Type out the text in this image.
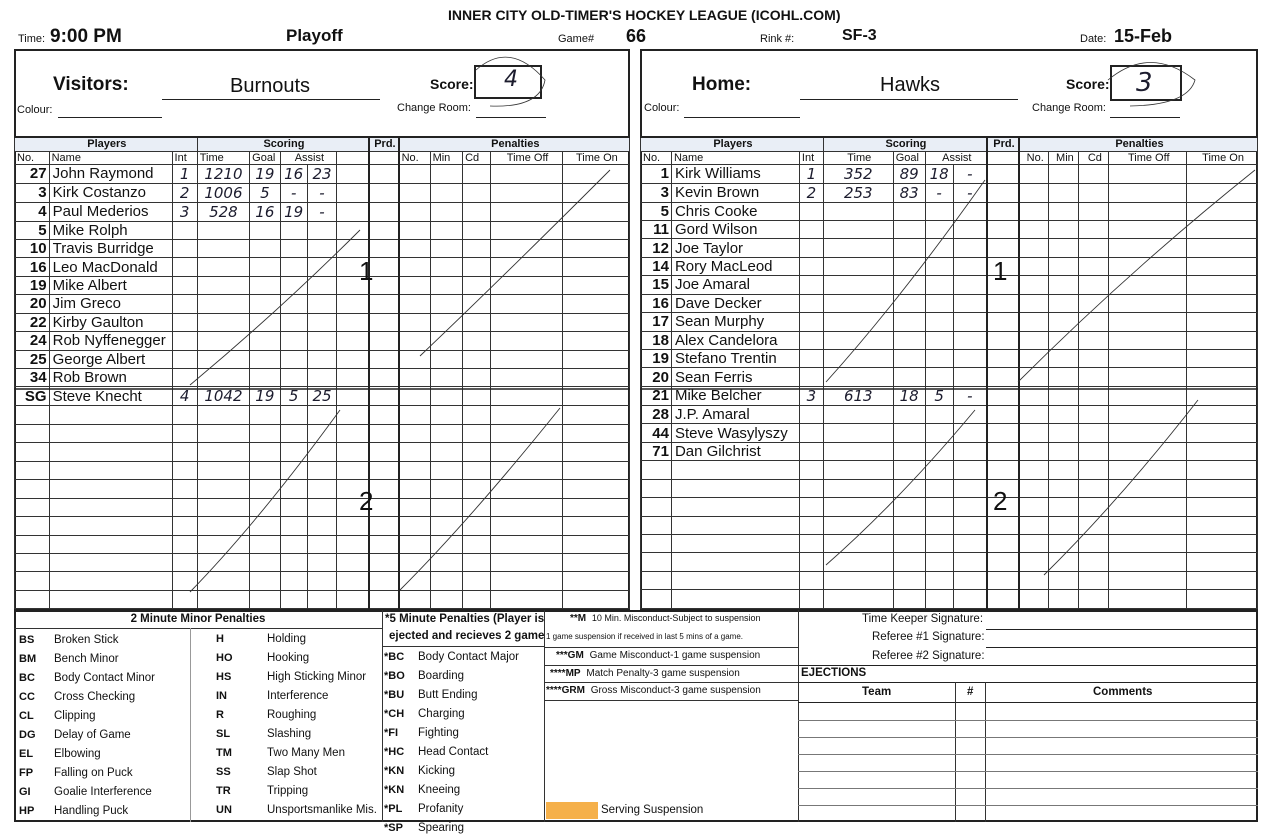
INNER CITY OLD-TIMER'S HOCKEY LEAGUE (ICOHL.COM)
Time: 9:00 PM	Playoff	Game# 66	Rink #:	SF-3	Date: 15-Feb
Visitors:	Burnouts	Score: 4
Colour:	Change Room:
Players			Scoring					Prd.	Penalties				
No.	Name	Int	Time	Goal	Assist				No.	Min	Cd	Time Off	Time On
27	John Raymond	1	1210	19	16	23							
3	Kirk Costanzo	2	1006	5	-	-							
4	Paul Mederios	3	528	16	19	-							
5	Mike Rolph												
10	Travis Burridge												
16	Leo MacDonald												
19	Mike Albert												
20	Jim Greco												
22	Kirby Gaulton												
24	Rob Nyffenegger												
25	George Albert												
34	Rob Brown												
SG	Steve Knecht	4	1042	19	5	25							

1
2
Home:	Hawks	Score: 3
Colour:	Change Room:
Players			Scoring				Prd.	Penalties				
No.	Name	Int	Time	Goal	Assist			No.	Min	Cd	Time Off	Time On
1	Kirk Williams	1	352	89	18	-						
3	Kevin Brown	2	253	83	-	-						
5	Chris Cooke											
11	Gord Wilson											
12	Joe Taylor											
14	Rory MacLeod											
15	Joe Amaral											
16	Dave Decker											
17	Sean Murphy											
18	Alex Candelora											
19	Stefano Trentin											
20	Sean Ferris											
21	Mike Belcher	3	613	18	5	-						
28	J.P. Amaral											
44	Steve Wasylyszy											
71	Dan Gilchrist											

1
2
2 Minute Minor Penalties
BS	Broken Stick
BM	Bench Minor
BC	Body Contact Minor
CC	Cross Checking
CL	Clipping
DG	Delay of Game
EL	Elbowing
FP	Falling on Puck
GI	Goalie Interference
HP	Handling Puck
H	Holding
HO	Hooking
HS	High Sticking Minor
IN	Interference
R	Roughing
SL	Slashing
TM	Two Many Men
SS	Slap Shot
TR	Tripping
UN	Unsportsmanlike Mis.
*5 Minute Penalties (Player is
ejected and recieves 2 game
*BC	Body Contact Major
*BO	Boarding
*BU	Butt Ending
*CH	Charging
*FI	Fighting
*HC	Head Contact
*KN	Kicking
*KN	Kneeing
*PL	Profanity
*SP	Spearing
**M 10 Min. Misconduct-Subject to suspension
1 game suspension if received in last 5 mins of a game.
***GM Game Misconduct-1 game suspension
****MP Match Penalty-3 game suspension
****GRM Gross Misconduct-3 game suspension
Serving Suspension
Time Keeper Signature:
Referee #1 Signature:
Referee #2 Signature:
EJECTIONS
Team	#	Comments
